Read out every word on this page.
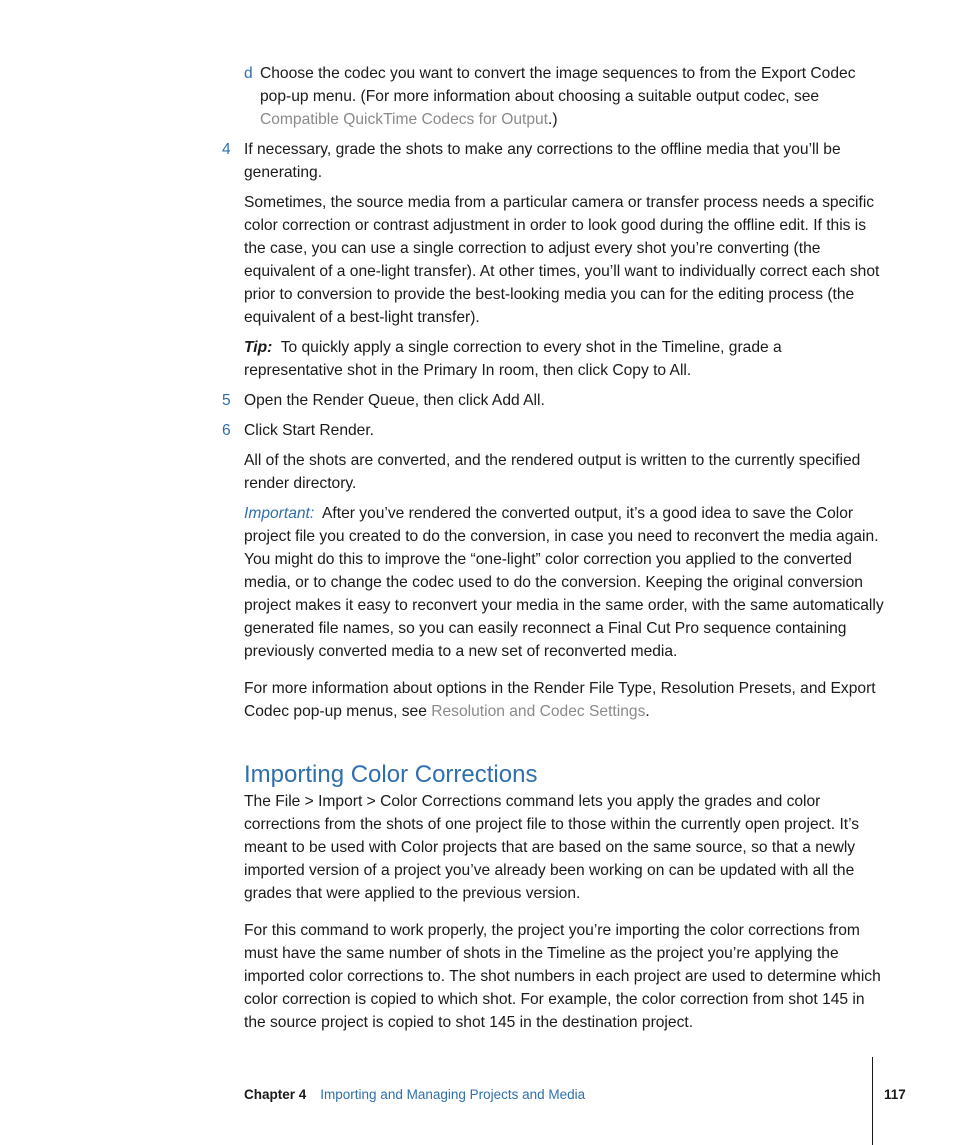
d Choose the codec you want to convert the image sequences to from the Export Codec pop-up menu. (For more information about choosing a suitable output codec, see Compatible QuickTime Codecs for Output.)
4 If necessary, grade the shots to make any corrections to the offline media that you’ll be generating.
Sometimes, the source media from a particular camera or transfer process needs a specific color correction or contrast adjustment in order to look good during the offline edit. If this is the case, you can use a single correction to adjust every shot you’re converting (the equivalent of a one-light transfer). At other times, you’ll want to individually correct each shot prior to conversion to provide the best-looking media you can for the editing process (the equivalent of a best-light transfer).
Tip: To quickly apply a single correction to every shot in the Timeline, grade a representative shot in the Primary In room, then click Copy to All.
5 Open the Render Queue, then click Add All.
6 Click Start Render.
All of the shots are converted, and the rendered output is written to the currently specified render directory.
Important: After you’ve rendered the converted output, it’s a good idea to save the Color project file you created to do the conversion, in case you need to reconvert the media again. You might do this to improve the “one-light” color correction you applied to the converted media, or to change the codec used to do the conversion. Keeping the original conversion project makes it easy to reconvert your media in the same order, with the same automatically generated file names, so you can easily reconnect a Final Cut Pro sequence containing previously converted media to a new set of reconverted media.
For more information about options in the Render File Type, Resolution Presets, and Export Codec pop-up menus, see Resolution and Codec Settings.
Importing Color Corrections
The File > Import > Color Corrections command lets you apply the grades and color corrections from the shots of one project file to those within the currently open project. It’s meant to be used with Color projects that are based on the same source, so that a newly imported version of a project you’ve already been working on can be updated with all the grades that were applied to the previous version.
For this command to work properly, the project you’re importing the color corrections from must have the same number of shots in the Timeline as the project you’re applying the imported color corrections to. The shot numbers in each project are used to determine which color correction is copied to which shot. For example, the color correction from shot 145 in the source project is copied to shot 145 in the destination project.
Chapter 4 Importing and Managing Projects and Media	117
